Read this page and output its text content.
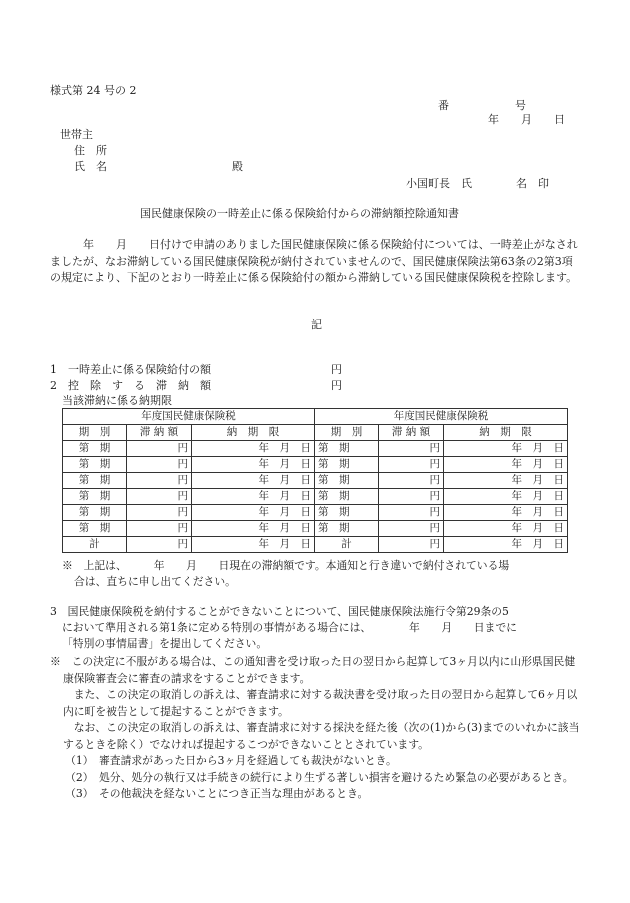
様式第 24 号の 2
番　　　　　　号
年　　月　　日
世帯主
住　所
氏　名	殿
小国町長　氏　　　　名　印
国民健康保険の一時差止に係る保険給付からの滞納額控除通知書

　　　年　　月　　日付けで申請のありました国民健康保険に係る保険給付については、一時差止がなされましたが、なお滞納している国民健康保険税が納付されていませんので、国民健康保険法第63条の2第3項の規定により、下記のとおり一時差止に係る保険給付の額から滞納している国民健康保険税を控除します。

記
1　一時差止に係る保険給付の額	円
2　控　除　す　る　滞　納　額	円
当該滞納に係る納期限
年度国民健康保険税			年度国民健康保険税		
期　別	滞 納 額	納　期　限	期　別	滞 納 額	納　期　限
第　期	円	年　月　日	第　期	円	年　月　日
第　期	円	年　月　日	第　期	円	年　月　日
第　期	円	年　月　日	第　期	円	年　月　日
第　期	円	年　月　日	第　期	円	年　月　日
第　期	円	年　月　日	第　期	円	年　月　日
第　期	円	年　月　日	第　期	円	年　月　日
計	円	年　月　日	計	円	年　月　日
※　上記は、　　　年　　月　　日現在の滞納額です。本通知と行き違いで納付されている場
合は、直ちに申し出てください。
3　国民健康保険税を納付することができないことについて、国民健康保険法施行令第29条の5
において準用される第1条に定める特別の事情がある場合には、　　　　年　　月　　日までに
「特別の事情届書」を提出してください。

※　この決定に不服がある場合は、この通知書を受け取った日の翌日から起算して3ヶ月以内に山形県国民健康保険審査会に審査の請求をすることができます。

また、この決定の取消しの訴えは、審査請求に対する裁決書を受け取った日の翌日から起算して6ヶ月以内に町を被告として提起することができます。

なお、この決定の取消しの訴えは、審査請求に対する採決を経た後（次の(1)から(3)までのいれかに該当するときを除く）でなければ提起するこつができないこととされています。

（1）　審査請求があった日から3ヶ月を経過しても裁決がないとき。

（2）　処分、処分の執行又は手続きの続行により生ずる著しい損害を避けるため緊急の必要があるとき。

（3）　その他裁決を経ないことにつき正当な理由があるとき。
